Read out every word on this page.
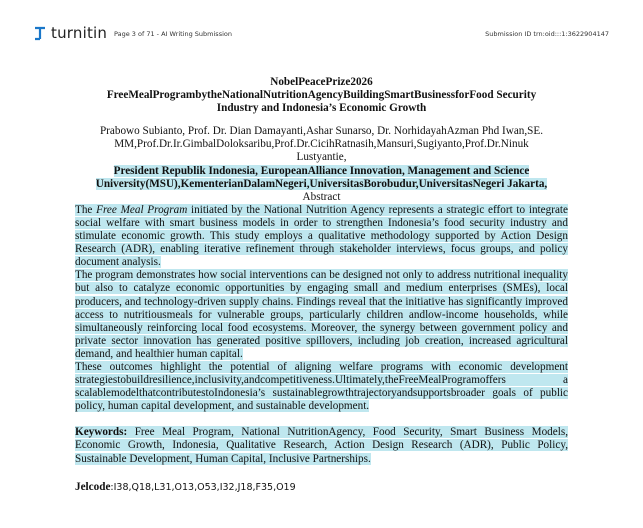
turnitin Page 3 of 71 - AI Writing Submission	Submission ID trn:oid:::1:3622904147
NobelPeacePrize2026
FreeMealProgrambytheNationalNutritionAgencyBuildingSmartBusinessforFood Security
Industry and Indonesia’s Economic Growth
Prabowo Subianto, Prof. Dr. Dian Damayanti,Ashar Sunarso, Dr. NorhidayahAzman Phd Iwan,SE.
MM,Prof.Dr.Ir.GimbalDoloksaribu,Prof.Dr.CicihRatnasih,Mansuri,Sugiyanto,Prof.Dr.Ninuk
Lustyantie,
President Republik Indonesia, EuropeanAlliance Innovation, Management and Science
University(MSU),KementerianDalamNegeri,UniversitasBorobudur,UniversitasNegeri Jakarta,
Abstract

The Free Meal Program initiated by the National Nutrition Agency represents a strategic effort to integrate social welfare with smart business models in order to strengthen Indonesia’s food security industry and stimulate economic growth. This study employs a qualitative methodology supported by Action Design Research (ADR), enabling iterative refinement through stakeholder interviews, focus groups, and policy document analysis.

The program demonstrates how social interventions can be designed not only to address nutritional inequality but also to catalyze economic opportunities by engaging small and medium enterprises (SMEs), local producers, and technology-driven supply chains. Findings reveal that the initiative has significantly improved access to nutritiousmeals for vulnerable groups, particularly children andlow-income households, while simultaneously reinforcing local food ecosystems. Moreover, the synergy between government policy and private sector innovation has generated positive spillovers, including job creation, increased agricultural demand, and healthier human capital.

These outcomes highlight the potential of aligning welfare programs with economic development strategiestobuildresilience,inclusivity,andcompetitiveness.Ultimately,theFreeMealProgramoffers a scalablemodelthatcontributestoIndonesia’s sustainablegrowthtrajectoryandsupportsbroader goals of public policy, human capital development, and sustainable development.

Keywords: Free Meal Program, National NutritionAgency, Food Security, Smart Business Models, Economic Growth, Indonesia, Qualitative Research, Action Design Research (ADR), Public Policy, Sustainable Development, Human Capital, Inclusive Partnerships.
Jelcode:I38,Q18,L31,O13,O53,I32,J18,F35,O19
